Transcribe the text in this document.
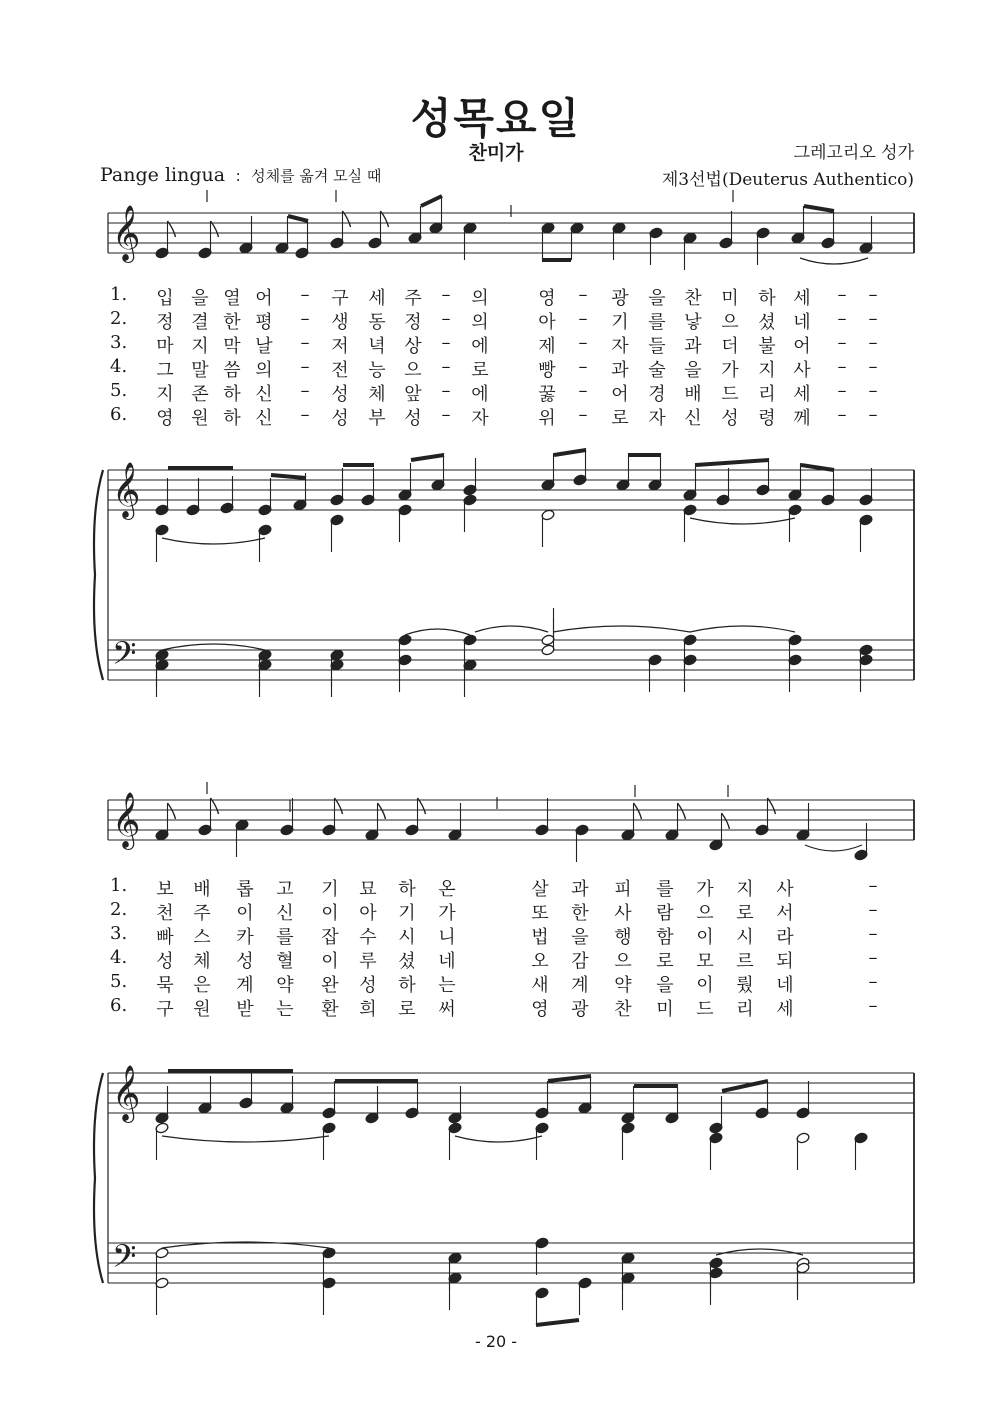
성목요일
찬미가	그레고리오 성가
제3선법(Deuterus Authentico)
Pange lingua  :  성체를 옮겨 모실 때
𝄞
𝄞
𝄢
𝄞
𝄞
𝄢
1.	입 을 열 어	–	구	세	주	–	의	영	–	광	을	찬	미	하 세	–	–
2.	정 결 한 평	–	생	동	정	–	의	아	–	기	를	낳	으	셨 네	–	–
3.	마 지 막 날	–	저	녁	상	–	에	제	–	자	들	과	더	불 어	–	–
4.	그 말 씀 의	–	전	능	으	–	로	빵	–	과	술	을	가	지 사	–	–
5.	지 존 하 신	–	성	체	앞	–	에	꿇	–	어	경	배	드	리 세	–	–
6.	영 원 하 신	–	성	부	성	–	자	위	–	로	자	신	성	령 께	–	–
1.	보	배	롭	고	기	묘	하	온	살	과	피	를	가	지	사	–
2.	천	주	이	신	이	아	기	가	또	한	사	람	으	로	서	–
3.	빠	스	카	를	잡	수	시	니	법	을	행	함	이	시	라	–
4.	성	체	성	혈	이	루	셨	네	오	감	으	로	모	르	되	–
5.	묵	은	계	약	완	성	하	는	새	계	약	을	이	뤘	네	–
6.	구	원	받	는	환	희	로	써	영	광	찬	미	드	리	세	–
- 20 -
